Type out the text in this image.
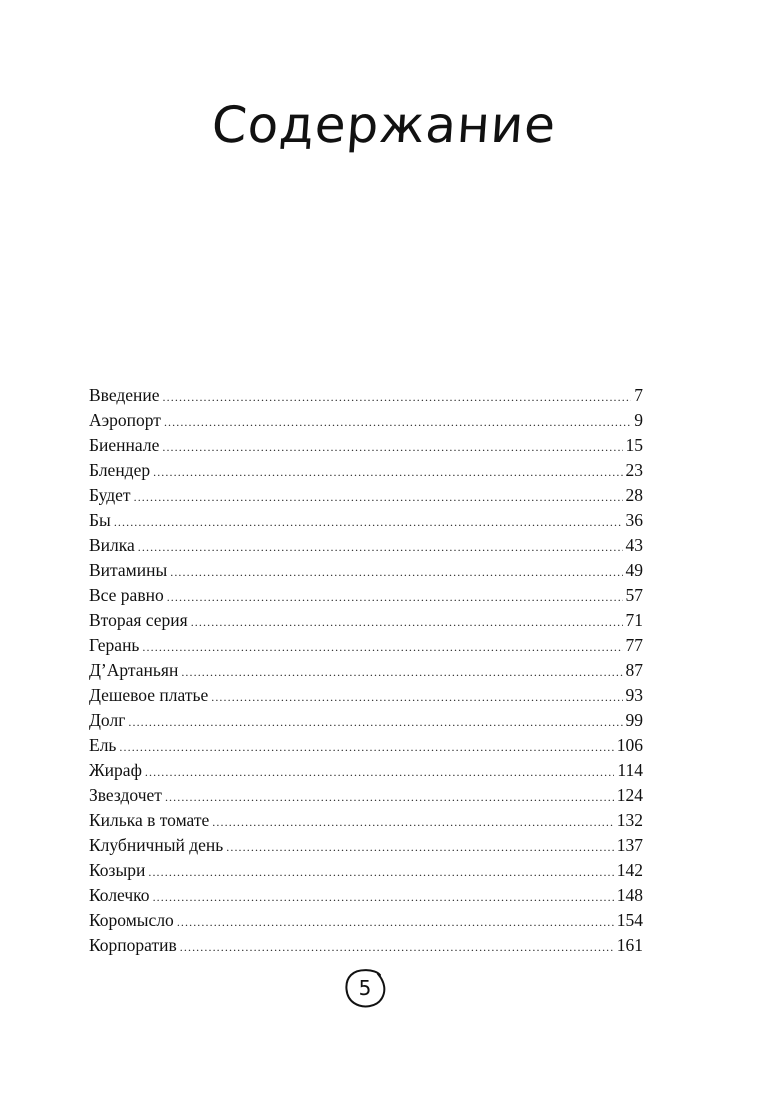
Содержание
Введение .....	7
Аэропорт .....	9
Биеннале .....	15
Блендер .....	23
Будет .....	28
Бы .....	36
Вилка .....	43
Витамины .....	49
Все равно .....	57
Вторая серия .....	71
Герань .....	77
Д’Артаньян .....	87
Дешевое платье .....	93
Долг .....	99
Ель .....	106
Жираф .....	114
Звездочет .....	124
Килька в томате .....	132
Клубничный день .....	137
Козыри .....	142
Колечко .....	148
Коромысло .....	154
Корпоратив .....	161
5
